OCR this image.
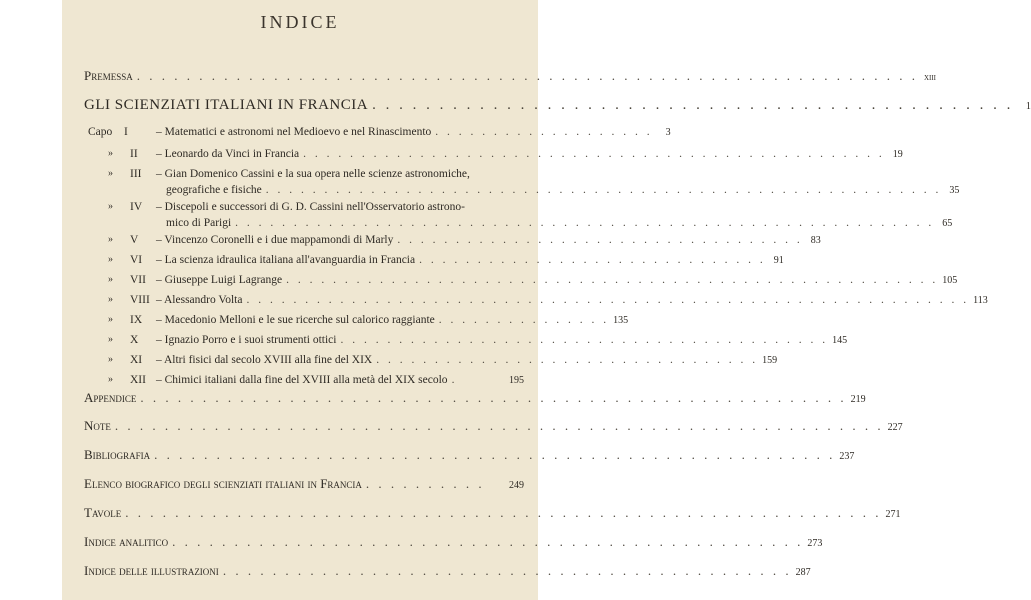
INDICE
Premessa . . . . . . . . . . . . . . . . . . . . . . . . . . . . . . . . . . . . . . . . . . . . . . . . . . . . . . . . . . . . . . . xiii
GLI SCIENZIATI ITALIANI IN FRANCIA . . . . . . . . . . . . . . . . . . . . . . . . . . . . . . . . . . . . . . . . . . . . . . . .	1
Capo I	– Matematici e astronomi nel Medioevo e nel Rinascimento . . . . . . . . . . . . . . . . . . .	3
» II	– Leonardo da Vinci in Francia . . . . . . . . . . . . . . . . . . . . . . . . . . . . . . . . . . . . . . . . . . . . . . . . . . 19
» III	– Gian Domenico Cassini e la sua opera nelle scienze astronomiche,
geografiche e fisiche . . . . . . . . . . . . . . . . . . . . . . . . . . . . . . . . . . . . . . . . . . . . . . . . . . . . . . . . . . 35
» IV	– Discepoli e successori di G. D. Cassini nell'Osservatorio astrono-
mico di Parigi . . . . . . . . . . . . . . . . . . . . . . . . . . . . . . . . . . . . . . . . . . . . . . . . . . . . . . . . . . . . 65
» V	– Vincenzo Coronelli e i due mappamondi di Marly . . . . . . . . . . . . . . . . . . . . . . . . . . . . . . . . . . . 83
» VI	– La scienza idraulica italiana all'avanguardia in Francia . . . . . . . . . . . . . . . . . . . . . . . . . . . . . . 91
» VII – Giuseppe Luigi Lagrange . . . . . . . . . . . . . . . . . . . . . . . . . . . . . . . . . . . . . . . . . . . . . . . . . . . . . . . . 105
» VIII – Alessandro Volta . . . . . . . . . . . . . . . . . . . . . . . . . . . . . . . . . . . . . . . . . . . . . . . . . . . . . . . . . . . . . . 113
» IX	– Macedonio Melloni e le sue ricerche sul calorico raggiante . . . . . . . . . . . . . . . 135
» X	– Ignazio Porro e i suoi strumenti ottici . . . . . . . . . . . . . . . . . . . . . . . . . . . . . . . . . . . . . . . . . . 145
» XI	– Altri fisici dal secolo XVIII alla fine del XIX . . . . . . . . . . . . . . . . . . . . . . . . . . . . . . . . . 159
» XII – Chimici italiani dalla fine del XVIII alla metà del XIX secolo .	195
Appendice . . . . . . . . . . . . . . . . . . . . . . . . . . . . . . . . . . . . . . . . . . . . . . . . . . . . . . . . . 219
Note . . . . . . . . . . . . . . . . . . . . . . . . . . . . . . . . . . . . . . . . . . . . . . . . . . . . . . . . . . . . . . 227
Bibliografia . . . . . . . . . . . . . . . . . . . . . . . . . . . . . . . . . . . . . . . . . . . . . . . . . . . . . . . 237
Elenco biografico degli scienziati italiani in Francia . . . . . . . . . .	249
Tavole . . . . . . . . . . . . . . . . . . . . . . . . . . . . . . . . . . . . . . . . . . . . . . . . . . . . . . . . . . . . . 271
Indice analitico . . . . . . . . . . . . . . . . . . . . . . . . . . . . . . . . . . . . . . . . . . . . . . . . . . . 273
Indice delle illustrazioni . . . . . . . . . . . . . . . . . . . . . . . . . . . . . . . . . . . . . . . . . . . . . . 287
